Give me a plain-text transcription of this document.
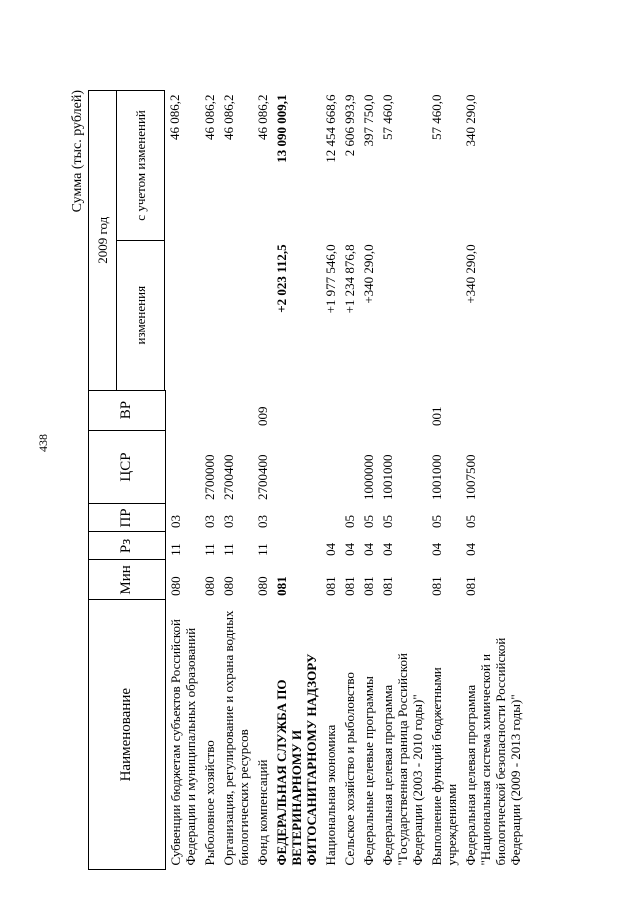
438
Сумма (тыс. рублей)
Наименование	Мин	Рз	ПР	ЦСР	ВР	2009 год	
						изменения	с учетом изменений

Субвенции бюджетам субъектов Российской Федерации и муниципальных образований	080	11	03				46 086,2
Рыболовное хозяйство	080	11	03	2700000			46 086,2
Организация, регулирование и охрана водных биологических ресурсов	080	11	03	2700400			46 086,2
Фонд компенсаций	080	11	03	2700400	009		46 086,2
ФЕДЕРАЛЬНАЯ СЛУЖБА ПО ВЕТЕРИНАРНОМУ И ФИТОСАНИТАРНОМУ НАДЗОРУ	081					+2 023 112,5	13 090 009,1
Национальная экономика	081	04				+1 977 546,0	12 454 668,6
Сельское хозяйство и рыболовство	081	04	05			+1 234 876,8	2 606 993,9
Федеральные целевые программы	081	04	05	1000000		+340 290,0	397 750,0
Федеральная целевая программа "Государственная граница Российской Федерации (2003 - 2010 годы)"	081	04	05	1001000			57 460,0
Выполнение функций бюджетными учреждениями	081	04	05	1001000	001		57 460,0
Федеральная целевая программа "Национальная система химической и биологической безопасности Российской Федерации (2009 - 2013 годы)"	081	04	05	1007500		+340 290,0	340 290,0
